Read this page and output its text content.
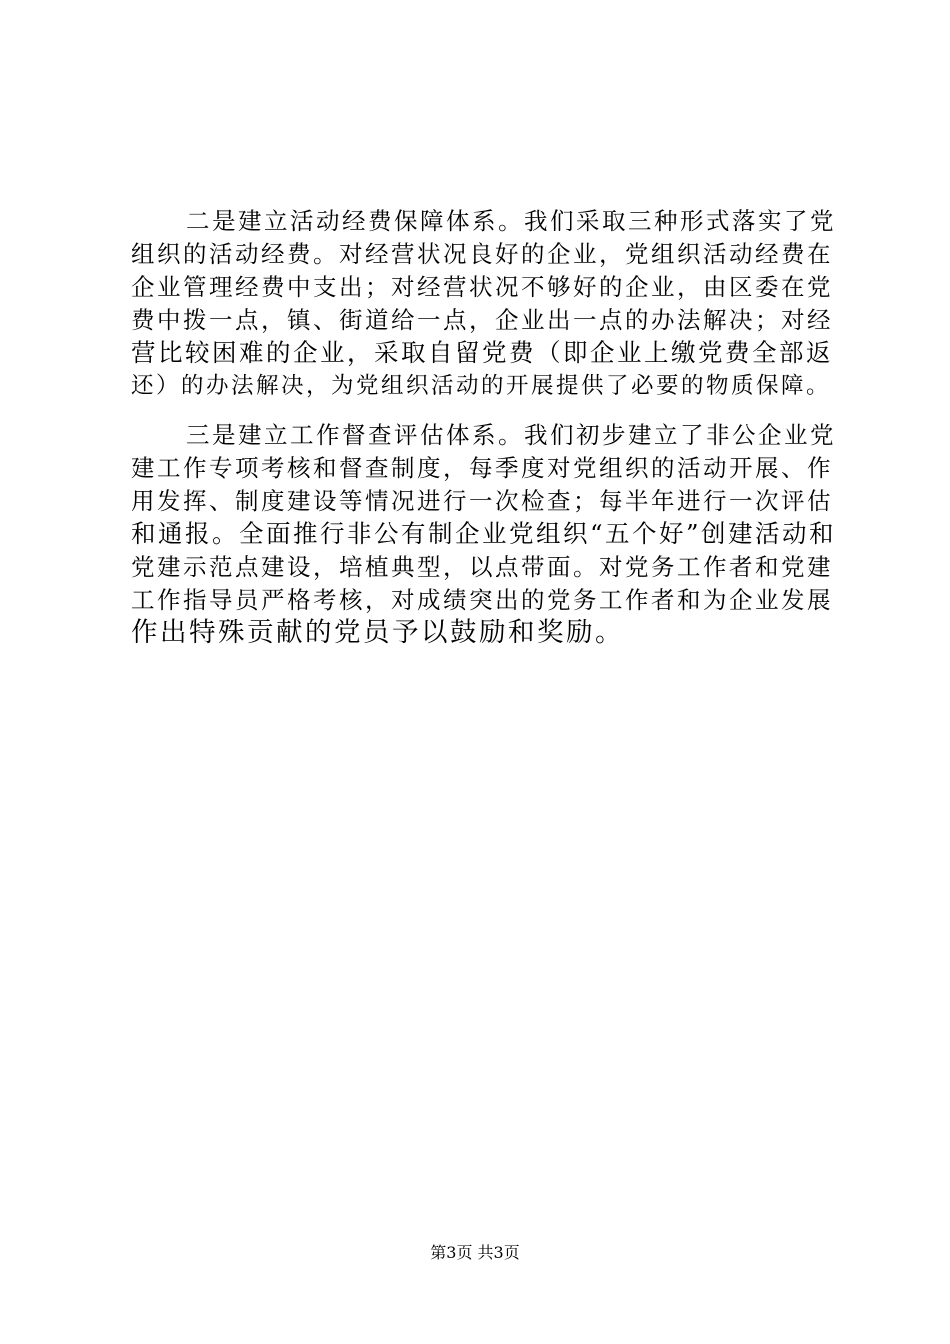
二是建立活动经费保障体系。我们采取三种形式落实了党
组织的活动经费。对经营状况良好的企业，党组织活动经费在
企业管理经费中支出；对经营状况不够好的企业，由区委在党
费中拨一点，镇、街道给一点，企业出一点的办法解决；对经
营比较困难的企业，采取自留党费（即企业上缴党费全部返
还）的办法解决，为党组织活动的开展提供了必要的物质保障。
三是建立工作督查评估体系。我们初步建立了非公企业党
建工作专项考核和督查制度，每季度对党组织的活动开展、作
用发挥、制度建设等情况进行一次检查；每半年进行一次评估
和通报。全面推行非公有制企业党组织“五个好”创建活动和
党建示范点建设，培植典型，以点带面。对党务工作者和党建
工作指导员严格考核，对成绩突出的党务工作者和为企业发展
作出特殊贡献的党员予以鼓励和奖励。
第3页 共3页
